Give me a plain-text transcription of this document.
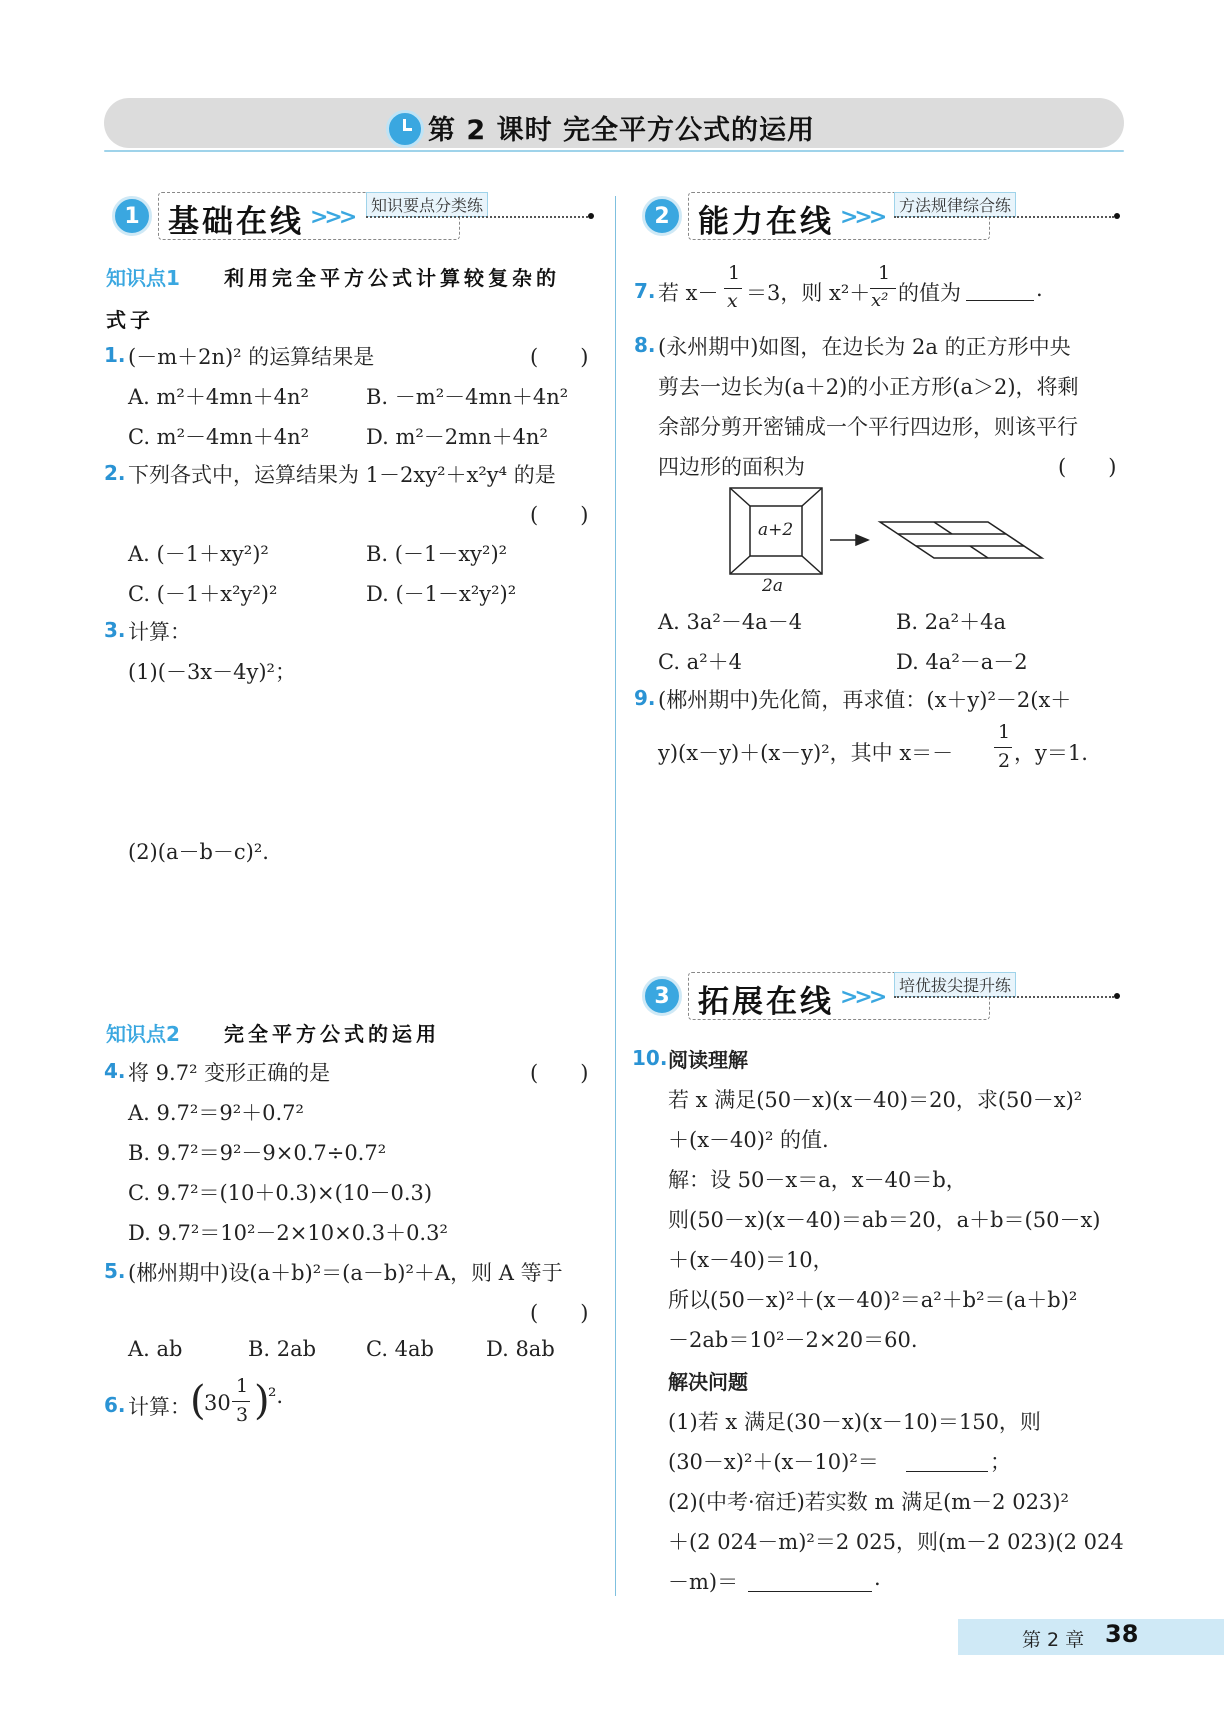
第 2 课时 完全平方公式的运用
1 基础在线 >>>	知识要点分类练	2 能力在线 >>> 方法规律综合练
3 拓展在线 >>> 培优拔尖提升练
知识点1 利用完全平方公式计算较复杂的
式子
1. (－m＋2n)² 的运算结果是	(　　)
A. m²＋4mn＋4n²	B. －m²－4mn＋4n²
C. m²－4mn＋4n²	D. m²－2mn＋4n²
2. 下列各式中，运算结果为 1－2xy²＋x²y⁴ 的是
(　　)
A. (－1＋xy²)²	B. (－1－xy²)²
C. (－1＋x²y²)²	D. (－1－x²y²)²
3. 计算：
(1)(－3x－4y)²；
(2)(a－b－c)².
知识点2 完全平方公式的运用
4. 将 9.7² 变形正确的是	(　　)
A. 9.7²＝9²＋0.7²
B. 9.7²＝9²－9×0.7÷0.7²
C. 9.7²＝(10＋0.3)×(10－0.3)
D. 9.7²＝10²－2×10×0.3＋0.3²
5. (郴州期中)设(a＋b)²＝(a－b)²＋A，则 A 等于
(　　)
A. ab	B. 2ab C. 4ab D. 8ab
6. 计算： (
30
1
3 )
².
7. 若 x－
1
x ＝3，则 x²＋
1
x² 的值为	.
8. (永州期中)如图，在边长为 2a 的正方形中央
剪去一边长为(a＋2)的小正方形(a＞2)，将剩
余部分剪开密铺成一个平行四边形，则该平行
四边形的面积为	(　　)
a+2
2a
A. 3a²－4a－4	B. 2a²＋4a
C. a²＋4	D. 4a²－a－2
9. (郴州期中)先化简，再求值：(x＋y)²－2(x＋
y)(x－y)＋(x－y)²，其中 x＝－
1
2 ，y＝1.
10. 阅读理解
若 x 满足(50－x)(x－40)＝20，求(50－x)²
＋(x－40)² 的值.
解：设 50－x＝a，x－40＝b，
则(50－x)(x－40)＝ab＝20，a＋b＝(50－x)
＋(x－40)＝10，
所以(50－x)²＋(x－40)²＝a²＋b²＝(a＋b)²
－2ab＝10²－2×20＝60.
解决问题
(1)若 x 满足(30－x)(x－10)＝150，则
(30－x)²＋(x－10)²＝	；
(2)(中考·宿迁)若实数 m 满足(m－2 023)²
＋(2 024－m)²＝2 025，则(m－2 023)(2 024
－m)＝	.
第 2 章 38
